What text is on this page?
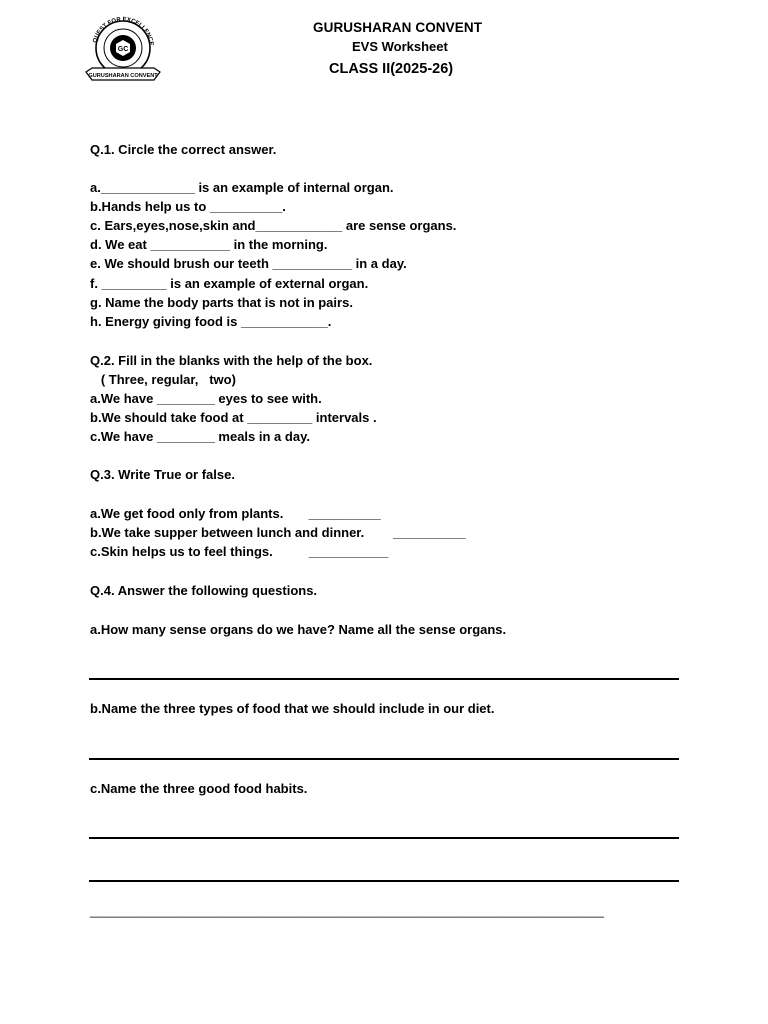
QUEST FOR EXCELLENCE
GC
GURUSHARAN CONVENT
GURUSHARAN CONVENT
EVS Worksheet
CLASS II(2025-26)
Q.1. Circle the correct answer.
a._____________ is an example of internal organ.
b.Hands help us to __________.
c. Ears,eyes,nose,skin and____________ are sense organs.
d. We eat ___________ in the morning.
e. We should brush our teeth ___________ in a day.
f. _________ is an example of external organ.
g. Name the body parts that is not in pairs.
h. Energy giving food is ____________.
Q.2. Fill in the blanks with the help of the box.
( Three, regular,   two)
a.We have ________ eyes to see with.
b.We should take food at _________ intervals .
c.We have ________ meals in a day.
Q.3. Write True or false.
a.We get food only from plants.       __________
b.We take supper between lunch and dinner.        __________
c.Skin helps us to feel things.          ___________
Q.4. Answer the following questions.
a.How many sense organs do we have? Name all the sense organs.
b.Name the three types of food that we should include in our diet.
c.Name the three good food habits.
_____________________________________________________________________________
